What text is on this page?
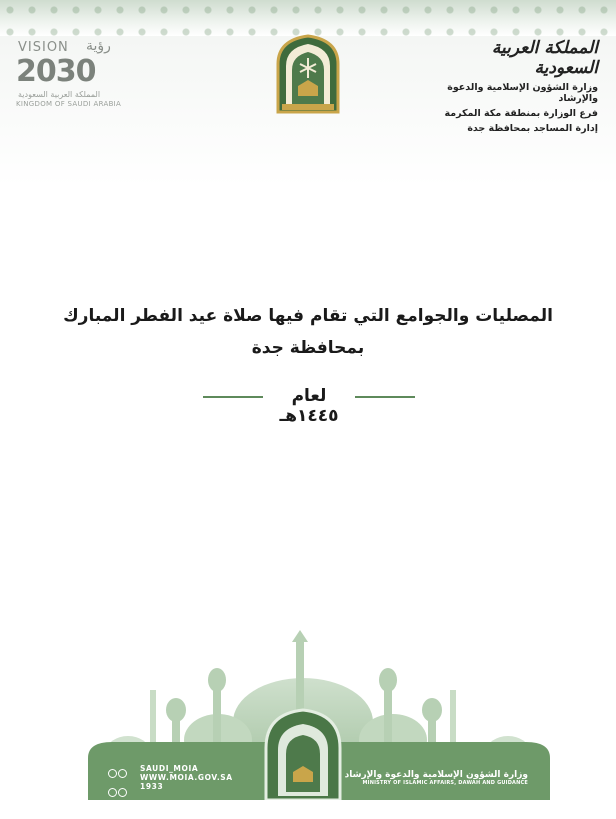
VISION رؤية
2030
المملكة العربية السعودية
KINGDOM OF SAUDI ARABIA
المملكة العربية السعودية
وزارة الشؤون الإسلامية والدعوة والإرشاد
فرع الوزارة بمنطقة مكة المكرمة
إدارة المساجد بمحافظة جدة
المصليات والجوامع التي تقام فيها صلاة عيد الفطر المبارك
بمحافظة جدة
لعام ١٤٤٥هـ

SAUDI_MOIA
WWW.MOIA.GOV.SA
1933
وزارة الشؤون الإسلامية والدعوة والإرشاد
MINISTRY OF ISLAMIC AFFAIRS, DAWAH AND GUIDANCE
